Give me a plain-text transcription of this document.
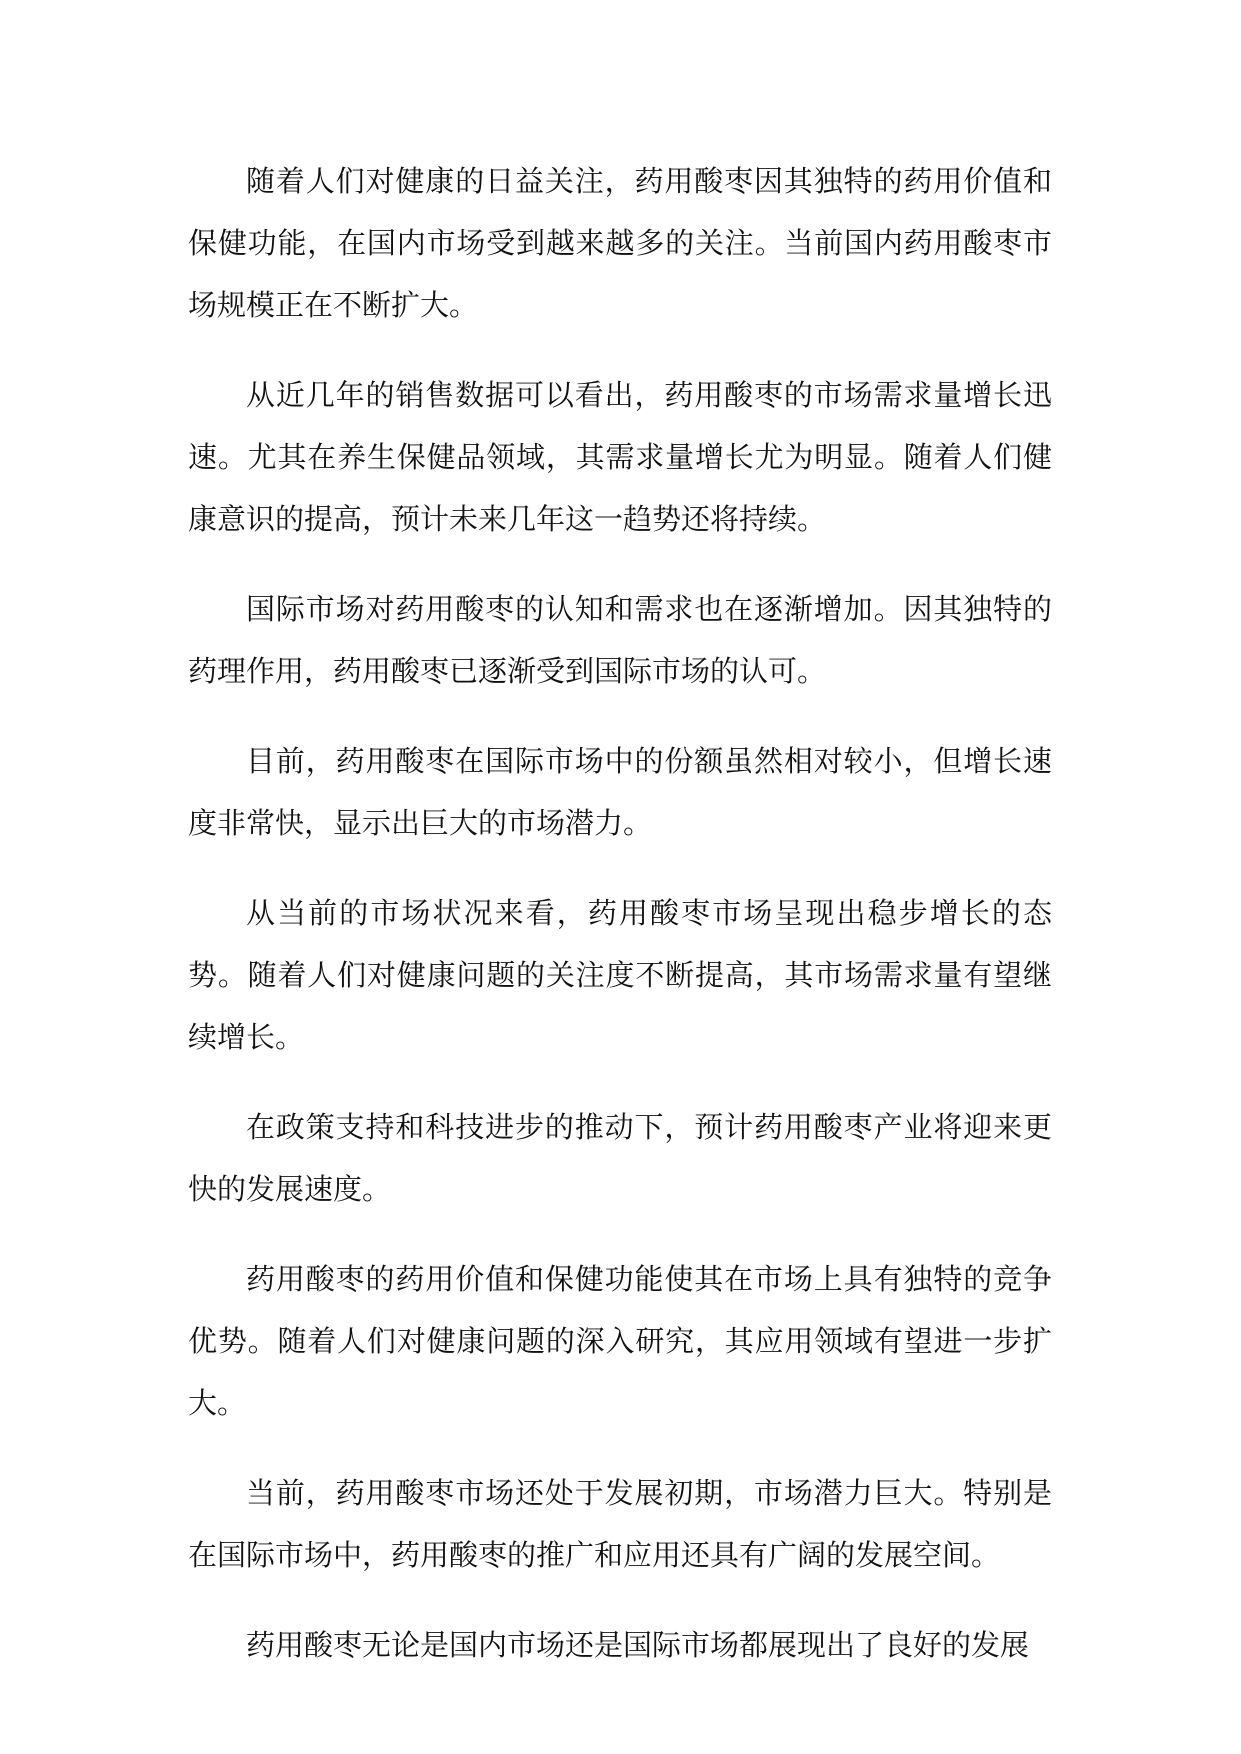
随着人们对健康的日益关注，药用酸枣因其独特的药用价值和保健功能，在国内市场受到越来越多的关注。当前国内药用酸枣市场规模正在不断扩大。

从近几年的销售数据可以看出，药用酸枣的市场需求量增长迅速。尤其在养生保健品领域，其需求量增长尤为明显。随着人们健康意识的提高，预计未来几年这一趋势还将持续。

国际市场对药用酸枣的认知和需求也在逐渐增加。因其独特的药理作用，药用酸枣已逐渐受到国际市场的认可。

目前，药用酸枣在国际市场中的份额虽然相对较小，但增长速度非常快，显示出巨大的市场潜力。

从当前的市场状况来看，药用酸枣市场呈现出稳步增长的态势。随着人们对健康问题的关注度不断提高，其市场需求量有望继续增长。

在政策支持和科技进步的推动下，预计药用酸枣产业将迎来更快的发展速度。

药用酸枣的药用价值和保健功能使其在市场上具有独特的竞争优势。随着人们对健康问题的深入研究，其应用领域有望进一步扩大。

当前，药用酸枣市场还处于发展初期，市场潜力巨大。特别是在国际市场中，药用酸枣的推广和应用还具有广阔的发展空间。

药用酸枣无论是国内市场还是国际市场都展现出了良好的发展
